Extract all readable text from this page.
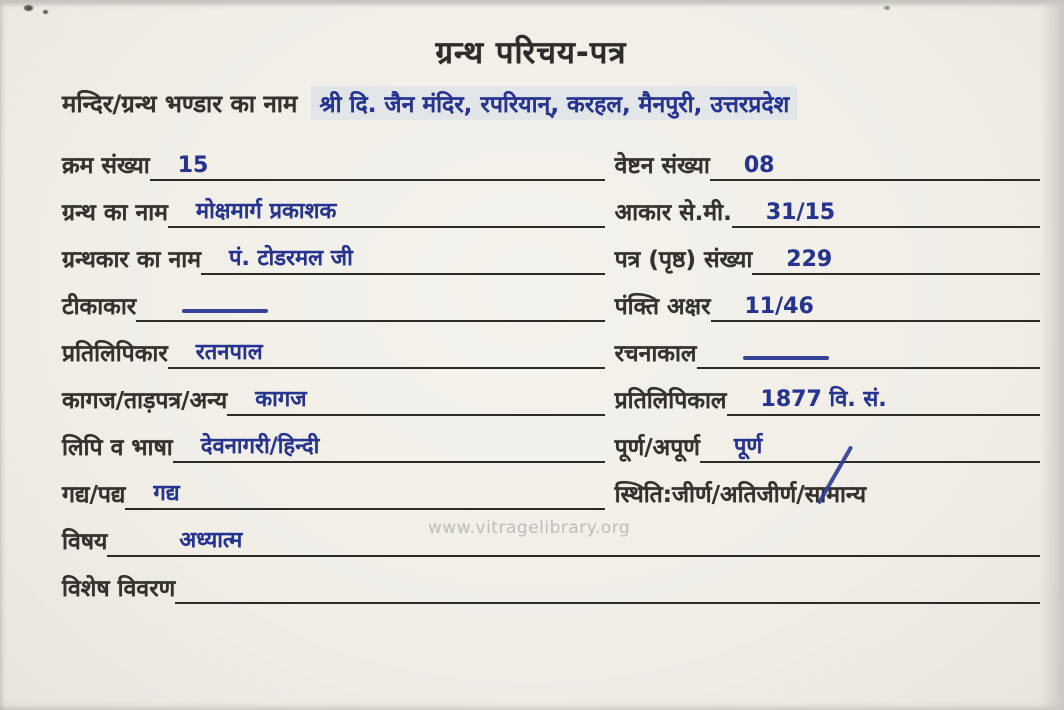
www.vitragelibrary.org
ग्रन्थ परिचय-पत्र
मन्दिर/ग्रन्थ भण्डार का नाम श्री दि. जैन मंदिर, रपरियान्, करहल, मैनपुरी, उत्तरप्रदेश
क्रम संख्या 15	वेष्टन संख्या 08
ग्रन्थ का नाम मोक्षमार्ग प्रकाशक	आकार से.मी. 31/15
ग्रन्थकार का नाम पं. टोडरमल जी	पत्र (पृष्ठ) संख्या 229
टीकाकार	पंक्ति अक्षर 11/46
प्रतिलिपिकार रतनपाल	रचनाकाल
कागज/ताड़पत्र/अन्य कागज	प्रतिलिपिकाल 1877 वि. सं.
लिपि व भाषा देवनागरी/हिन्दी	पूर्ण/अपूर्ण पूर्ण
गद्य/पद्य गद्य	स्थिति:जीर्ण/अतिजीर्ण/सामान्य
विषय	अध्यात्म
विशेष विवरण
